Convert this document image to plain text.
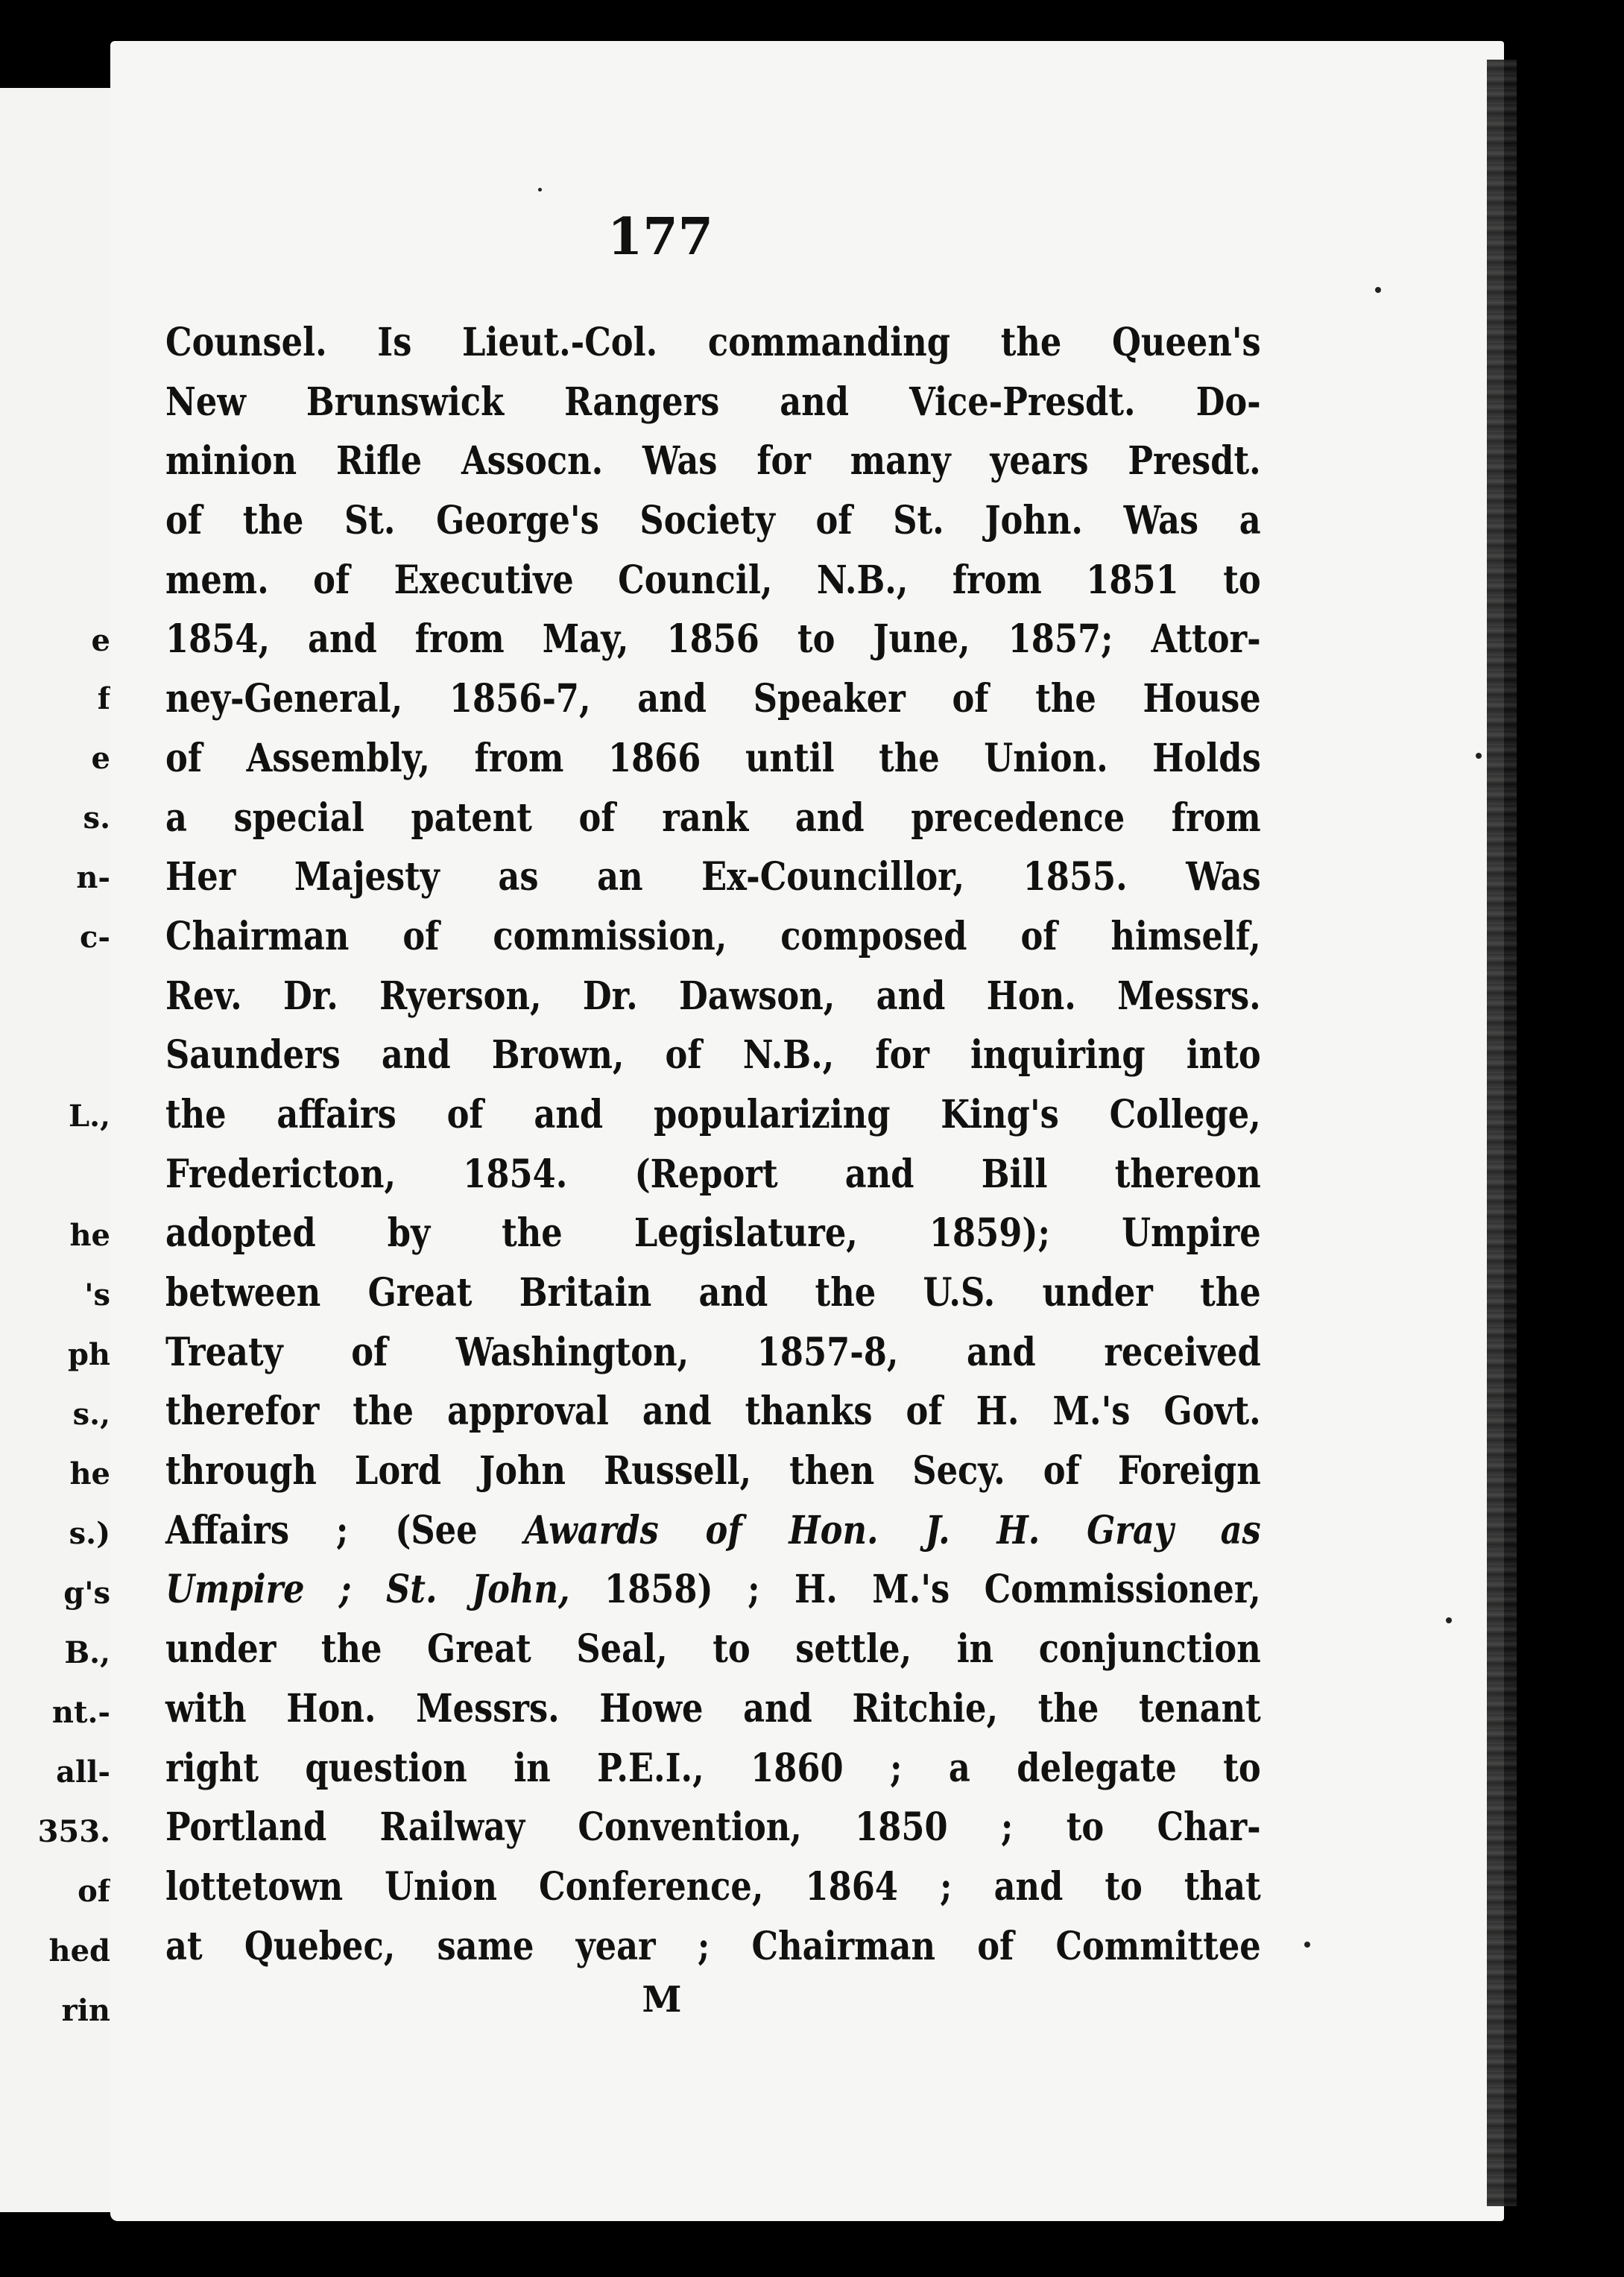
e
f
e
s.
n-
c-
L.,
he
's
ph
s.,
he
s.)
g's
B.,
nt.-
all-
353.
of
hed
rin
177
Counsel. Is Lieut.-Col. commanding the Queen's
New Brunswick Rangers and Vice-Presdt. Do-
minion Rifle Assocn. Was for many years Presdt.
of the St. George's Society of St. John. Was a
mem. of Executive Council, N.B., from 1851 to
1854, and from May, 1856 to June, 1857; Attor-
ney-General, 1856-7, and Speaker of the House
of Assembly, from 1866 until the Union. Holds
a special patent of rank and precedence from
Her Majesty as an Ex-Councillor, 1855. Was
Chairman of commission, composed of himself,
Rev. Dr. Ryerson, Dr. Dawson, and Hon. Messrs.
Saunders and Brown, of N.B., for inquiring into
the affairs of and popularizing King's College,
Fredericton, 1854. (Report and Bill thereon
adopted by the Legislature, 1859); Umpire
between Great Britain and the U.S. under the
Treaty of Washington, 1857-8, and received
therefor the approval and thanks of H. M.'s Govt.
through Lord John Russell, then Secy. of Foreign
Affairs ; (See Awards of Hon. J. H. Gray as
Umpire ; St. John, 1858) ; H. M.'s Commissioner,
under the Great Seal, to settle, in conjunction
with Hon. Messrs. Howe and Ritchie, the tenant
right question in P.E.I., 1860 ; a delegate to
Portland Railway Convention, 1850 ; to Char-
lottetown Union Conference, 1864 ; and to that
at Quebec, same year ; Chairman of Committee
M
